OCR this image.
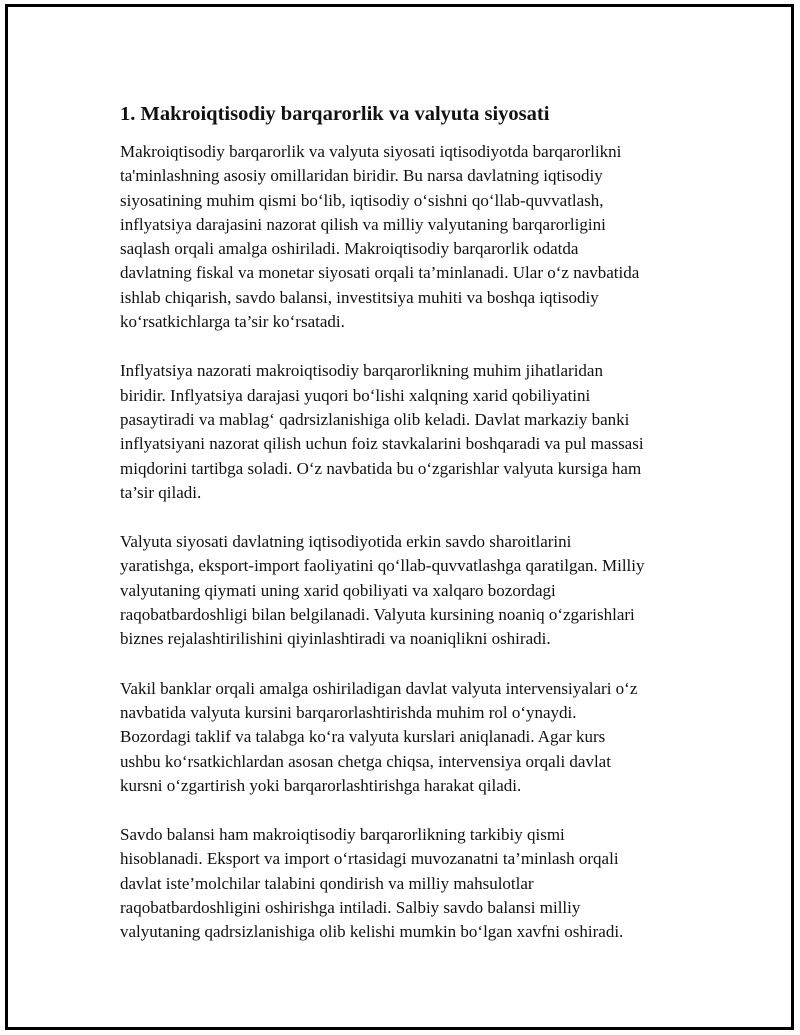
1. Makroiqtisodiy barqarorlik va valyuta siyosati

Makroiqtisodiy barqarorlik va valyuta siyosati iqtisodiyotda barqarorlikni
ta'minlashning asosiy omillaridan biridir. Bu narsa davlatning iqtisodiy
siyosatining muhim qismi bo‘lib, iqtisodiy o‘sishni qo‘llab-quvvatlash,
inflyatsiya darajasini nazorat qilish va milliy valyutaning barqarorligini
saqlash orqali amalga oshiriladi. Makroiqtisodiy barqarorlik odatda
davlatning fiskal va monetar siyosati orqali ta’minlanadi. Ular o‘z navbatida
ishlab chiqarish, savdo balansi, investitsiya muhiti va boshqa iqtisodiy
ko‘rsatkichlarga ta’sir ko‘rsatadi.

Inflyatsiya nazorati makroiqtisodiy barqarorlikning muhim jihatlaridan
biridir. Inflyatsiya darajasi yuqori bo‘lishi xalqning xarid qobiliyatini
pasaytiradi va mablag‘ qadrsizlanishiga olib keladi. Davlat markaziy banki
inflyatsiyani nazorat qilish uchun foiz stavkalarini boshqaradi va pul massasi
miqdorini tartibga soladi. O‘z navbatida bu o‘zgarishlar valyuta kursiga ham
ta’sir qiladi.

Valyuta siyosati davlatning iqtisodiyotida erkin savdo sharoitlarini
yaratishga, eksport-import faoliyatini qo‘llab-quvvatlashga qaratilgan. Milliy
valyutaning qiymati uning xarid qobiliyati va xalqaro bozordagi
raqobatbardoshligi bilan belgilanadi. Valyuta kursining noaniq o‘zgarishlari
biznes rejalashtirilishini qiyinlashtiradi va noaniqlikni oshiradi.

Vakil banklar orqali amalga oshiriladigan davlat valyuta intervensiyalari o‘z
navbatida valyuta kursini barqarorlashtirishda muhim rol o‘ynaydi.
Bozordagi taklif va talabga ko‘ra valyuta kurslari aniqlanadi. Agar kurs
ushbu ko‘rsatkichlardan asosan chetga chiqsa, intervensiya orqali davlat
kursni o‘zgartirish yoki barqarorlashtirishga harakat qiladi.

Savdo balansi ham makroiqtisodiy barqarorlikning tarkibiy qismi
hisoblanadi. Eksport va import o‘rtasidagi muvozanatni ta’minlash orqali
davlat iste’molchilar talabini qondirish va milliy mahsulotlar
raqobatbardoshligini oshirishga intiladi. Salbiy savdo balansi milliy
valyutaning qadrsizlanishiga olib kelishi mumkin bo‘lgan xavfni oshiradi.
